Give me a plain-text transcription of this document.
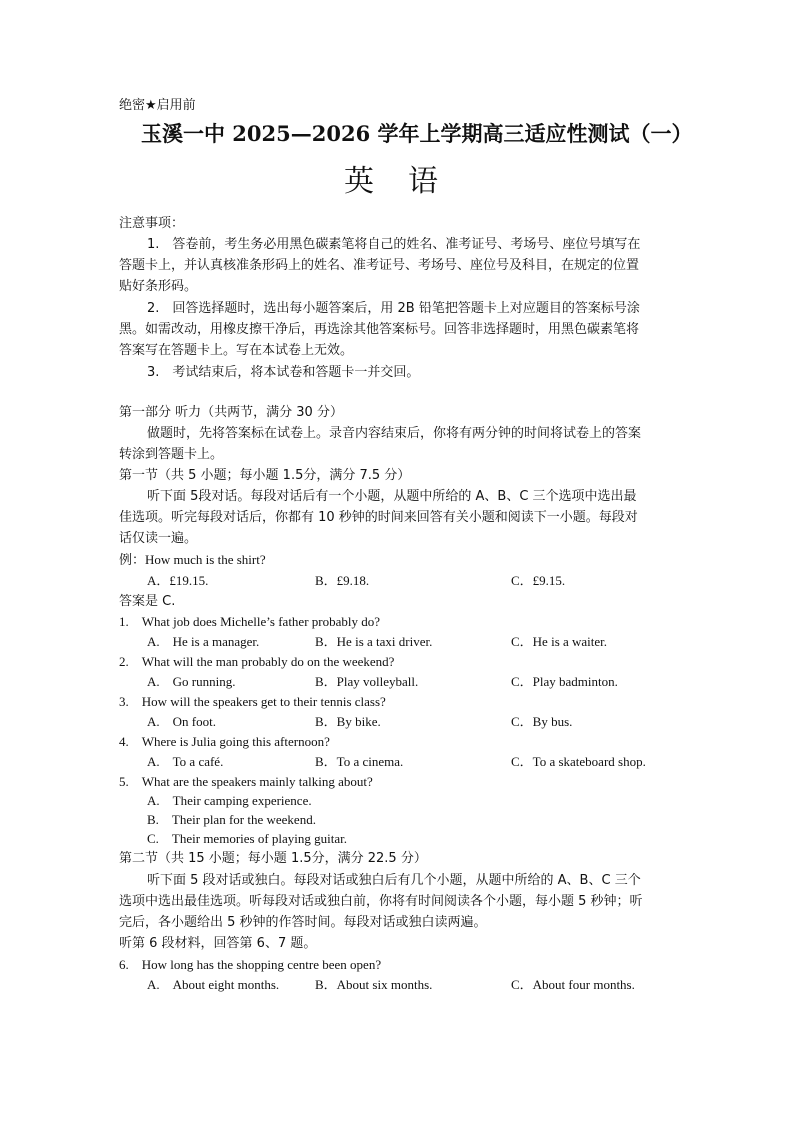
绝密★启用前
玉溪一中 2025—2026 学年上学期高三适应性测试（一）
英　语
注意事项：
1.　答卷前，考生务必用黑色碳素笔将自己的姓名、准考证号、考场号、座位号填写在
答题卡上，并认真核准条形码上的姓名、准考证号、考场号、座位号及科目，在规定的位置
贴好条形码。
2.　回答选择题时，选出每小题答案后，用 2B 铅笔把答题卡上对应题目的答案标号涂
黑。如需改动，用橡皮擦干净后，再选涂其他答案标号。回答非选择题时，用黑色碳素笔将
答案写在答题卡上。写在本试卷上无效。
3.　考试结束后，将本试卷和答题卡一并交回。
第一部分 听力（共两节，满分 30 分）
做题时，先将答案标在试卷上。录音内容结束后，你将有两分钟的时间将试卷上的答案
转涂到答题卡上。
第一节（共 5 小题；每小题 1.5分，满分 7.5 分）
听下面 5段对话。每段对话后有一个小题，从题中所给的 A、B、C 三个选项中选出最
佳选项。听完每段对话后，你都有 10 秒钟的时间来回答有关小题和阅读下一小题。每段对
话仅读一遍。
例：How much is the shirt?
A．£19.15.	B．£9.18.	C．£9.15.
答案是 C.
1.　What job does Michelle’s father probably do?
A.　He is a manager.	B．He is a taxi driver.	C．He is a waiter.
2.　What will the man probably do on the weekend?
A.　Go running.	B．Play volleyball.	C．Play badminton.
3.　How will the speakers get to their tennis class?
A.　On foot.	B．By bike.	C．By bus.
4.　Where is Julia going this afternoon?
A.　To a café.	B．To a cinema.	C．To a skateboard shop.
5.　What are the speakers mainly talking about?
A.　Their camping experience.
B.　Their plan for the weekend.
C.　Their memories of playing guitar.
第二节（共 15 小题；每小题 1.5分，满分 22.5 分）
听下面 5 段对话或独白。每段对话或独白后有几个小题，从题中所给的 A、B、C 三个
选项中选出最佳选项。听每段对话或独白前，你将有时间阅读各个小题，每小题 5 秒钟；听
完后，各小题给出 5 秒钟的作答时间。每段对话或独白读两遍。
听第 6 段材料，回答第 6、7 题。
6.　How long has the shopping centre been open?
A.　About eight months.	B．About six months.	C．About four months.
